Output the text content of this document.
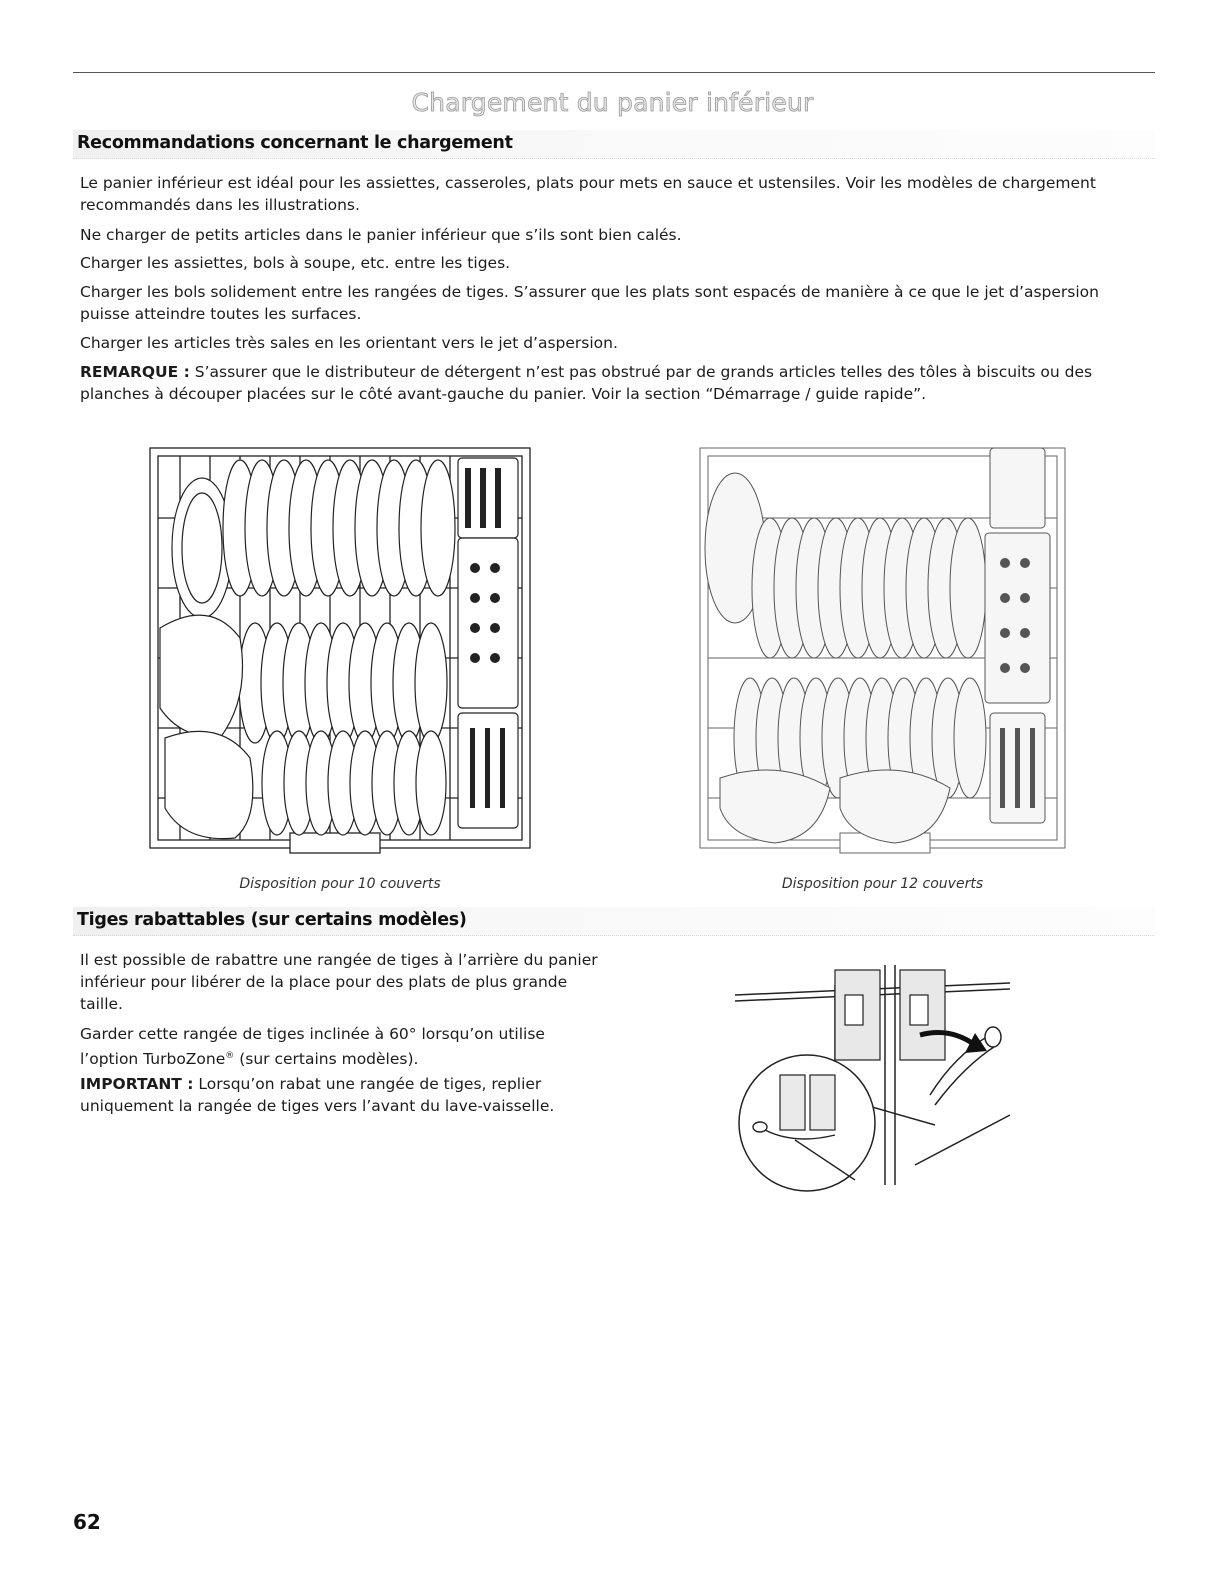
Chargement du panier inférieur
Recommandations concernant le chargement

Le panier inférieur est idéal pour les assiettes, casseroles, plats pour mets en sauce et ustensiles. Voir les modèles de chargement recommandés dans les illustrations.

Ne charger de petits articles dans le panier inférieur que s’ils sont bien calés.

Charger les assiettes, bols à soupe, etc. entre les tiges.

Charger les bols solidement entre les rangées de tiges. S’assurer que les plats sont espacés de manière à ce que le jet d’aspersion puisse atteindre toutes les surfaces.

Charger les articles très sales en les orientant vers le jet d’aspersion.

REMARQUE : S’assurer que le distributeur de détergent n’est pas obstrué par de grands articles telles des tôles à biscuits ou des planches à découper placées sur le côté avant-gauche du panier. Voir la section “Démarrage / guide rapide”.

Disposition pour 10 couverts	Disposition pour 12 couverts
Tiges rabattables (sur certains modèles)

Il est possible de rabattre une rangée de tiges à l’arrière du panier inférieur pour libérer de la place pour des plats de plus grande taille.

Garder cette rangée de tiges inclinée à 60° lorsqu’on utilise l’option TurboZone® (sur certains modèles).

IMPORTANT : Lorsqu’on rabat une rangée de tiges, replier uniquement la rangée de tiges vers l’avant du lave-vaisselle.

62
